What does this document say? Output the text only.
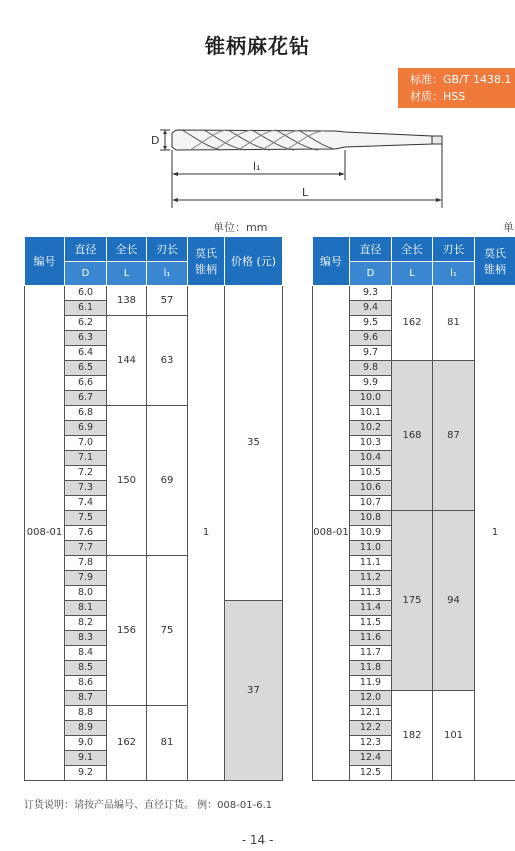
锥柄麻花钻
标准：GB/T 1438.1
材质：HSS
D
l₁
L
单位：mm	单
编号	直径	全长	刃长	莫氏
锥柄	价格 (元)
	D	L	l₁		
008-01	6.0	138	57	1	35
	6.1				
	6.2	144	63		
	6.3				
	6.4				
	6.5				
	6.6				
	6.7				
	6.8	150	69		
	6.9				
	7.0				
	7.1				
	7.2				
	7.3				
	7.4				
	7.5				
	7.6				
	7.7				
	7.8	156	75		
	7.9				
	8.0				
	8.1				37
	8.2				
	8.3				
	8.4				
	8.5				
	8.6				
	8.7				
	8.8	162	81		
	8.9				
	9.0				
	9.1				
	9.2				
编号	直径	全长	刃长	莫氏
锥柄
	D	L	l₁	
008-01	9.3	162	81	1
	9.4			
	9.5			
	9.6			
	9.7			
	9.8	168	87	
	9.9			
	10.0			
	10.1			
	10.2			
	10.3			
	10.4			
	10.5			
	10.6			
	10.7			
	10.8	175	94	
	10.9			
	11.0			
	11.1			
	11.2			
	11.3			
	11.4			
	11.5			
	11.6			
	11.7			
	11.8			
	11.9			
	12.0	182	101	
	12.1			
	12.2			
	12.3			
	12.4			
	12.5			
订货说明：请按产品编号、直径订货。 例：008-01-6.1
- 14 -
